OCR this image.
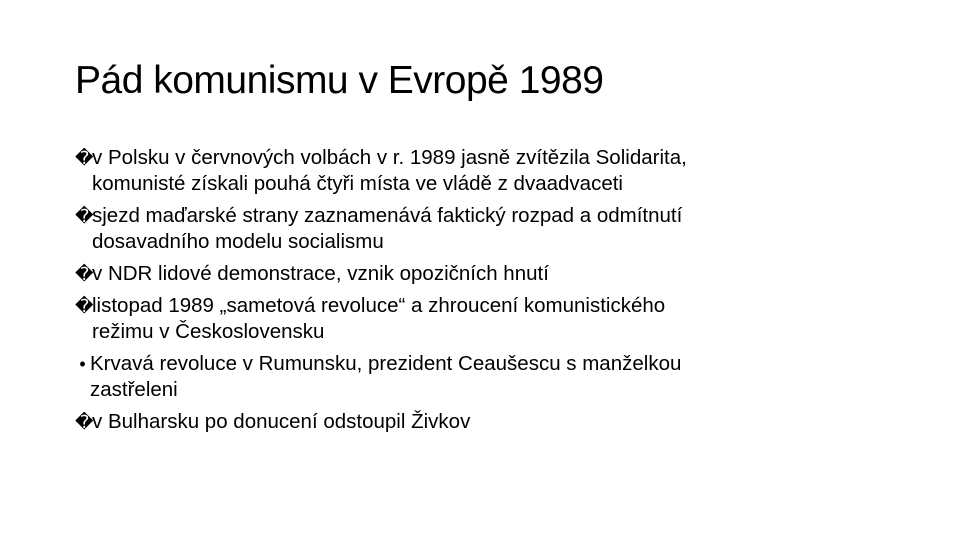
Pád komunismu v Evropě 1989
�v Polsku v červnových volbách v r. 1989 jasně zvítězila Solidarita,
komunisté získali pouhá čtyři místa ve vládě z dvaadvaceti
�sjezd maďarské strany zaznamenává faktický rozpad a odmítnutí
dosavadního modelu socialismu
�v NDR lidové demonstrace, vznik opozičních hnutí
�listopad 1989 „sametová revoluce“ a zhroucení komunistického
režimu v Československu
• Krvavá revoluce v Rumunsku, prezident Ceaušescu s manželkou
zastřeleni
�v Bulharsku po donucení odstoupil Živkov
